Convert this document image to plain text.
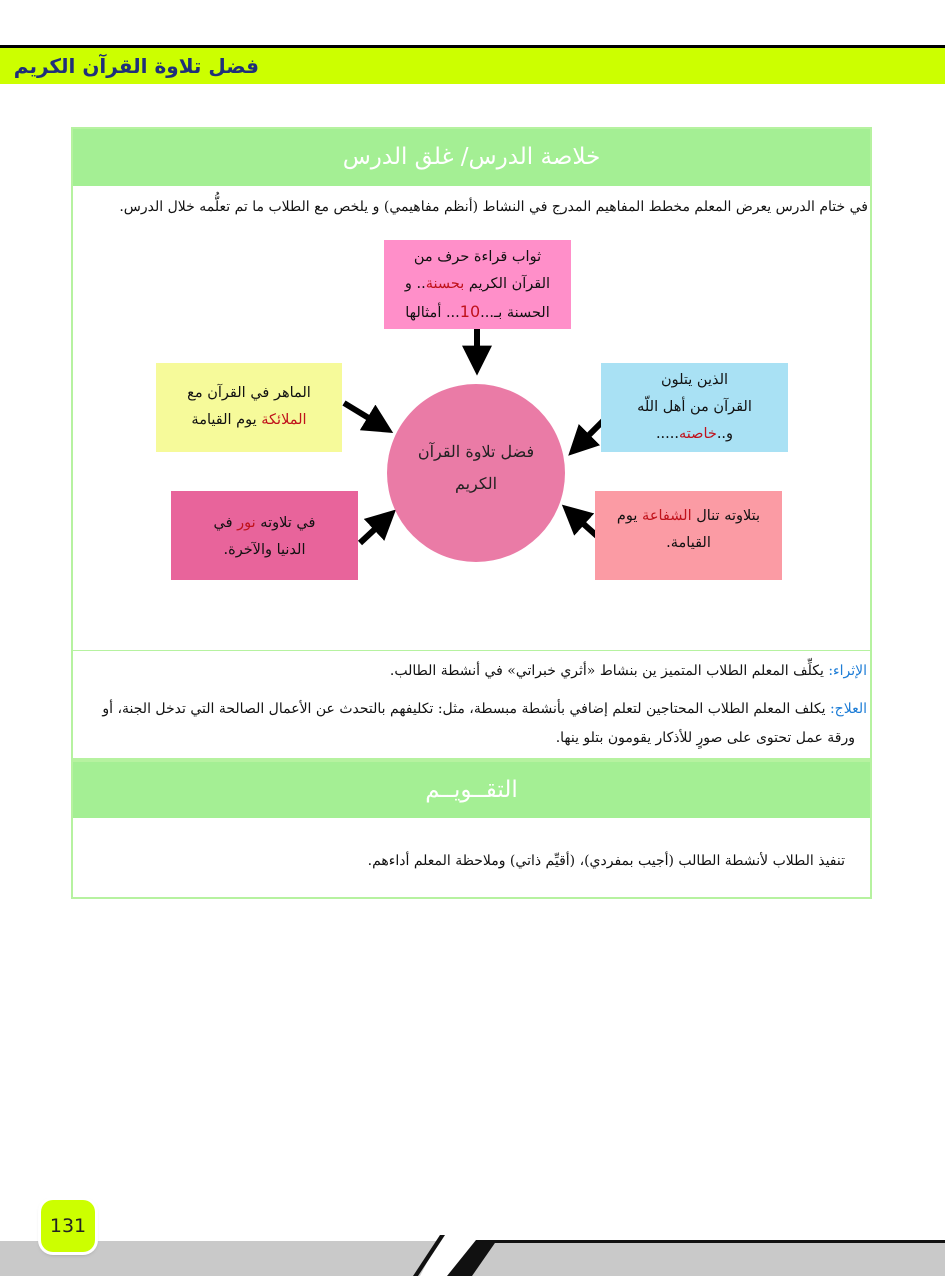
فضل تلاوة القرآن الكريم
خلاصة الدرس/ غلق الدرس
في ختام الدرس يعرض المعلم مخطط المفاهيم المدرج في النشاط (أنظم مفاهيمي) و يلخص مع الطلاب ما تم تعلُّمه خلال الدرس.
ثواب قراءة حرف من
القرآن الكريم بحسنة.. و
الحسنة بـ...10... أمثالها
الماهر في القرآن مع
الملائكة يوم القيامة
الذين يتلون
القرآن من أهل اللّه
و..خاصته.....
في تلاوته نور في
الدنيا والآخرة.
بتلاوته تنال الشفاعة يوم
القيامة.
فضل تلاوة القرآن
الكريم
الإثراء: يكلِّف المعلم الطلاب المتميز ين بنشاط «أثري خبراتي» في أنشطة الطالب.
العلاج: يكلف المعلم الطلاب المحتاجين لتعلم إضافي بأنشطة مبسطة، مثل: تكليفهم بالتحدث عن الأعمال الصالحة التي تدخل الجنة، أو
ورقة عمل تحتوى على صورٍ للأذكار يقومون بتلو ينها.
التقــويــم
تنفيذ الطلاب لأنشطة الطالب (أجيب بمفردي)، (أقيِّم ذاتي) وملاحظة المعلم أداءهم.
131
